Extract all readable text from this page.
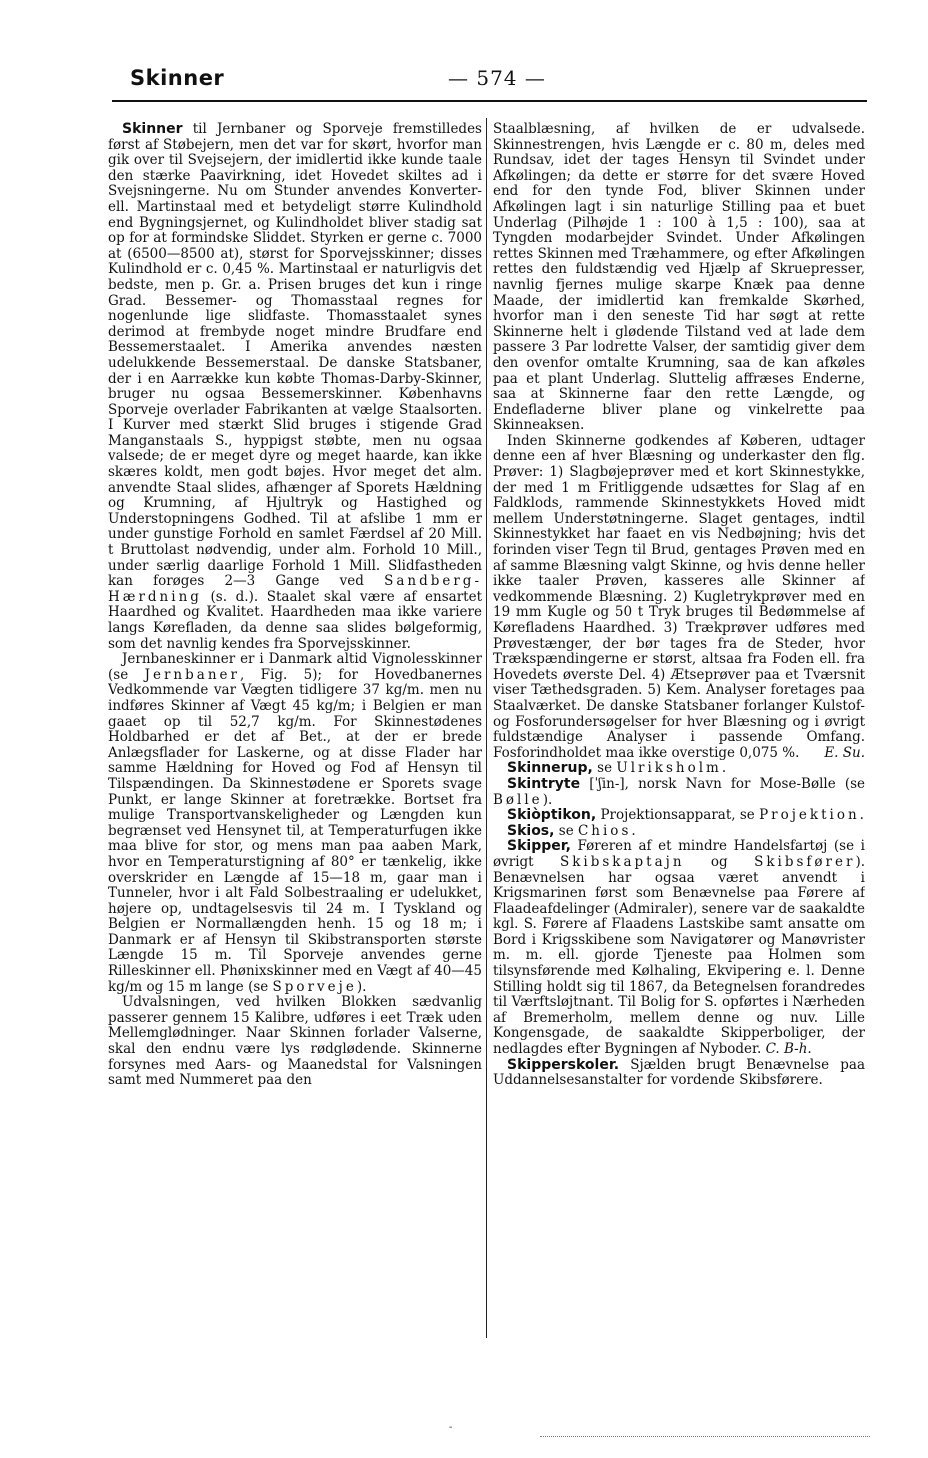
Skinner	— 574 —

Skinner til Jernbaner og Sporveje fremstilledes først af Støbejern, men det var for skørt, hvorfor man gik over til Svejsejern, der imidlertid ikke kunde taale den stærke Paavirkning, idet Hovedet skiltes ad i Svejsningerne. Nu om Stunder anvendes Konverter- ell. Martinstaal med et betydeligt større Kulindhold end Bygningsjernet, og Kulindholdet bliver stadig sat op for at formindske Sliddet. Styrken er gerne c. 7000 at (6500—8500 at), størst for Sporvejsskinner; disses Kulindhold er c. 0,45 %. Martinstaal er naturligvis det bedste, men p. Gr. a. Prisen bruges det kun i ringe Grad. Bessemer- og Thomasstaal regnes for nogenlunde lige slidfaste. Thomasstaalet synes derimod at frembyde noget mindre Brudfare end Bessemerstaalet. I Amerika anvendes næsten udelukkende Bessemerstaal. De danske Statsbaner, der i en Aarrække kun købte Thomas-Darby-Skinner, bruger nu ogsaa Bessemerskinner. Københavns Sporveje overlader Fabrikanten at vælge Staalsorten. I Kurver med stærkt Slid bruges i stigende Grad Manganstaals S., hyppigst støbte, men nu ogsaa valsede; de er meget dyre og meget haarde, kan ikke skæres koldt, men godt bøjes. Hvor meget det alm. anvendte Staal slides, afhænger af Sporets Hældning og Krumning, af Hjultryk og Hastighed og Understopningens Godhed. Til at afslibe 1 mm er under gunstige Forhold en samlet Færdsel af 20 Mill. t Bruttolast nødvendig, under alm. Forhold 10 Mill., under særlig daarlige Forhold 1 Mill. Slidfastheden kan forøges 2—3 Gange ved Sandberg-Hærdning (s. d.). Staalet skal være af ensartet Haardhed og Kvalitet. Haardheden maa ikke variere langs Kørefladen, da denne saa slides bølgeformig, som det navnlig kendes fra Sporvejsskinner.

Jernbaneskinner er i Danmark altid Vignolesskinner (se Jernbaner, Fig. 5); for Hovedbanernes Vedkommende var Vægten tidligere 37 kg/m. men nu indføres Skinner af Vægt 45 kg/m; i Belgien er man gaaet op til 52,7 kg/m. For Skinnestødenes Holdbarhed er det af Bet., at der er brede Anlægsflader for Laskerne, og at disse Flader har samme Hældning for Hoved og Fod af Hensyn til Tilspændingen. Da Skinnestødene er Sporets svage Punkt, er lange Skinner at foretrække. Bortset fra mulige Transportvanskeligheder og Længden kun begrænset ved Hensynet til, at Temperaturfugen ikke maa blive for stor, og mens man paa aaben Mark, hvor en Temperaturstigning af 80° er tænkelig, ikke overskrider en Længde af 15—18 m, gaar man i Tunneler, hvor i alt Fald Solbestraaling er udelukket, højere op, undtagelsesvis til 24 m. I Tyskland og Belgien er Normallængden henh. 15 og 18 m; i Danmark er af Hensyn til Skibstransporten største Længde 15 m. Til Sporveje anvendes gerne Rilleskinner ell. Phønixskinner med en Vægt af 40—45 kg/m og 15 m lange (se Sporveje).

Udvalsningen, ved hvilken Blokken sædvanlig passerer gennem 15 Kalibre, udføres i eet Træk uden Mellemglødninger. Naar Skinnen forlader Valserne, skal den endnu være lys rødglødende. Skinnerne forsynes med Aars- og Maanedstal for Valsningen samt med Nummeret paa den

Staalblæsning, af hvilken de er udvalsede. Skinnestrengen, hvis Længde er c. 80 m, deles med Rundsav, idet der tages Hensyn til Svindet under Afkølingen; da dette er større for det svære Hoved end for den tynde Fod, bliver Skinnen under Afkølingen lagt i sin naturlige Stilling paa et buet Underlag (Pilhøjde 1 : 100 à 1,5 : 100), saa at Tyngden modarbejder Svindet. Under Afkølingen rettes Skinnen med Træhammere, og efter Afkølingen rettes den fuldstændig ved Hjælp af Skruepresser, navnlig fjernes mulige skarpe Knæk paa denne Maade, der imidlertid kan fremkalde Skørhed, hvorfor man i den seneste Tid har søgt at rette Skinnerne helt i glødende Tilstand ved at lade dem passere 3 Par lodrette Valser, der samtidig giver dem den ovenfor omtalte Krumning, saa de kan afkøles paa et plant Underlag. Sluttelig affræses Enderne, saa at Skinnerne faar den rette Længde, og Endefladerne bliver plane og vinkelrette paa Skinneaksen.

Inden Skinnerne godkendes af Køberen, udtager denne een af hver Blæsning og underkaster den flg. Prøver: 1) Slagbøjeprøver med et kort Skinnestykke, der med 1 m Fritliggende udsættes for Slag af en Faldklods, rammende Skinnestykkets Hoved midt mellem Understøtningerne. Slaget gentages, indtil Skinnestykket har faaet en vis Nedbøjning; hvis det forinden viser Tegn til Brud, gentages Prøven med en af samme Blæsning valgt Skinne, og hvis denne heller ikke taaler Prøven, kasseres alle Skinner af vedkommende Blæsning. 2) Kugletrykprøver med en 19 mm Kugle og 50 t Tryk bruges til Bedømmelse af Kørefladens Haardhed. 3) Trækprøver udføres med Prøvestænger, der bør tages fra de Steder, hvor Trækspændingerne er størst, altsaa fra Foden ell. fra Hovedets øverste Del. 4) Ætseprøver paa et Tværsnit viser Tæthedsgraden. 5) Kem. Analyser foretages paa Staalværket. De danske Statsbaner forlanger Kulstof- og Fosforundersøgelser for hver Blæsning og i øvrigt fuldstændige Analyser i passende Omfang. Fosforindholdet maa ikke overstige 0,075 %.	E. Su.

Skinnerup, se Ulriksholm.

Skintryte [ˈʃin-], norsk Navn for Mose-Bølle (se Bølle).

Skiòptikon, Projektionsapparat, se Projektion.

Skios, se Chios.

Skipper, Føreren af et mindre Handelsfartøj (se i øvrigt Skibskaptajn og Skibsfører). Benævnelsen har ogsaa været anvendt i Krigsmarinen først som Benævnelse paa Førere af Flaadeafdelinger (Admiraler), senere var de saakaldte kgl. S. Førere af Flaadens Lastskibe samt ansatte om Bord i Krigsskibene som Navigatører og Manøvrister m. m. ell. gjorde Tjeneste paa Holmen som tilsynsførende med Kølhaling, Ekvipering e. l. Denne Stilling holdt sig til 1867, da Betegnelsen forandredes til Værftsløjtnant. Til Bolig for S. opførtes i Nærheden af Bremerholm, mellem denne og nuv. Lille Kongensgade, de saakaldte Skipperboliger, der nedlagdes efter Bygningen af Nyboder. C. B-h.

Skipperskoler. Sjælden brugt Benævnelse paa Uddannelsesanstalter for vordende Skibsførere.

-
